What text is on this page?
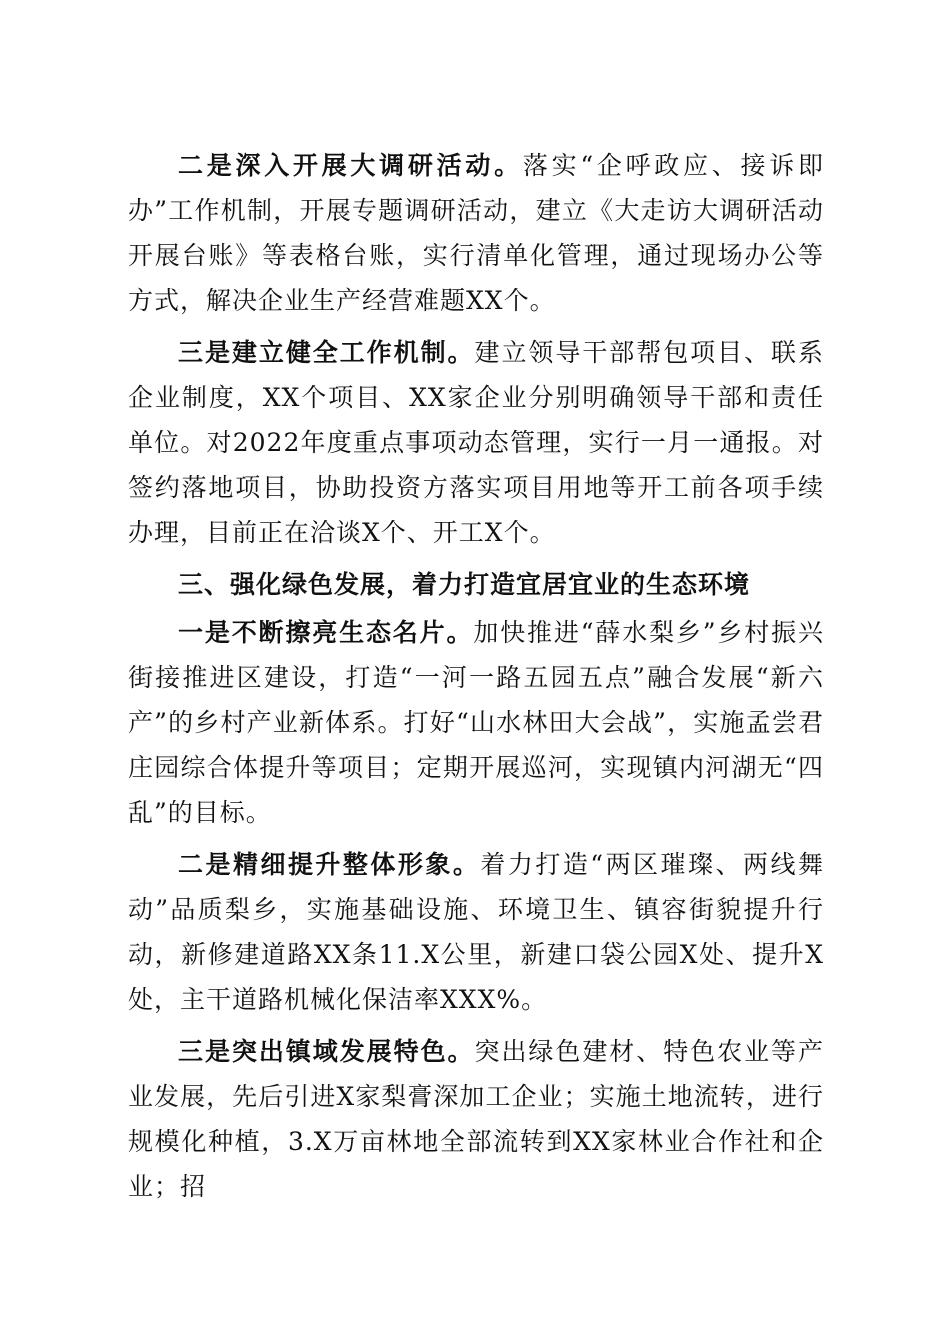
二是深入开展大调研活动。落实“企呼政应、接诉即办”工作机制，开展专题调研活动，建立《大走访大调研活动开展台账》等表格台账，实行清单化管理，通过现场办公等方式，解决企业生产经营难题XX个。

三是建立健全工作机制。建立领导干部帮包项目、联系企业制度，XX个项目、XX家企业分别明确领导干部和责任单位。对2022年度重点事项动态管理，实行一月一通报。对签约落地项目，协助投资方落实项目用地等开工前各项手续办理，目前正在洽谈X个、开工X个。

三、强化绿色发展，着力打造宜居宜业的生态环境

一是不断擦亮生态名片。加快推进“薛水梨乡”乡村振兴街接推进区建设，打造“一河一路五园五点”融合发展“新六产”的乡村产业新体系。打好“山水林田大会战”，实施孟尝君庄园综合体提升等项目；定期开展巡河，实现镇内河湖无“四乱”的目标。

二是精细提升整体形象。着力打造“两区璀璨、两线舞动”品质梨乡，实施基础设施、环境卫生、镇容街貌提升行动，新修建道路XX条11.X公里，新建口袋公园X处、提升X处，主干道路机械化保洁率XXX%。

三是突出镇域发展特色。突出绿色建材、特色农业等产业发展，先后引进X家梨膏深加工企业；实施土地流转，进行规模化种植，3.X万亩林地全部流转到XX家林业合作社和企业；招
